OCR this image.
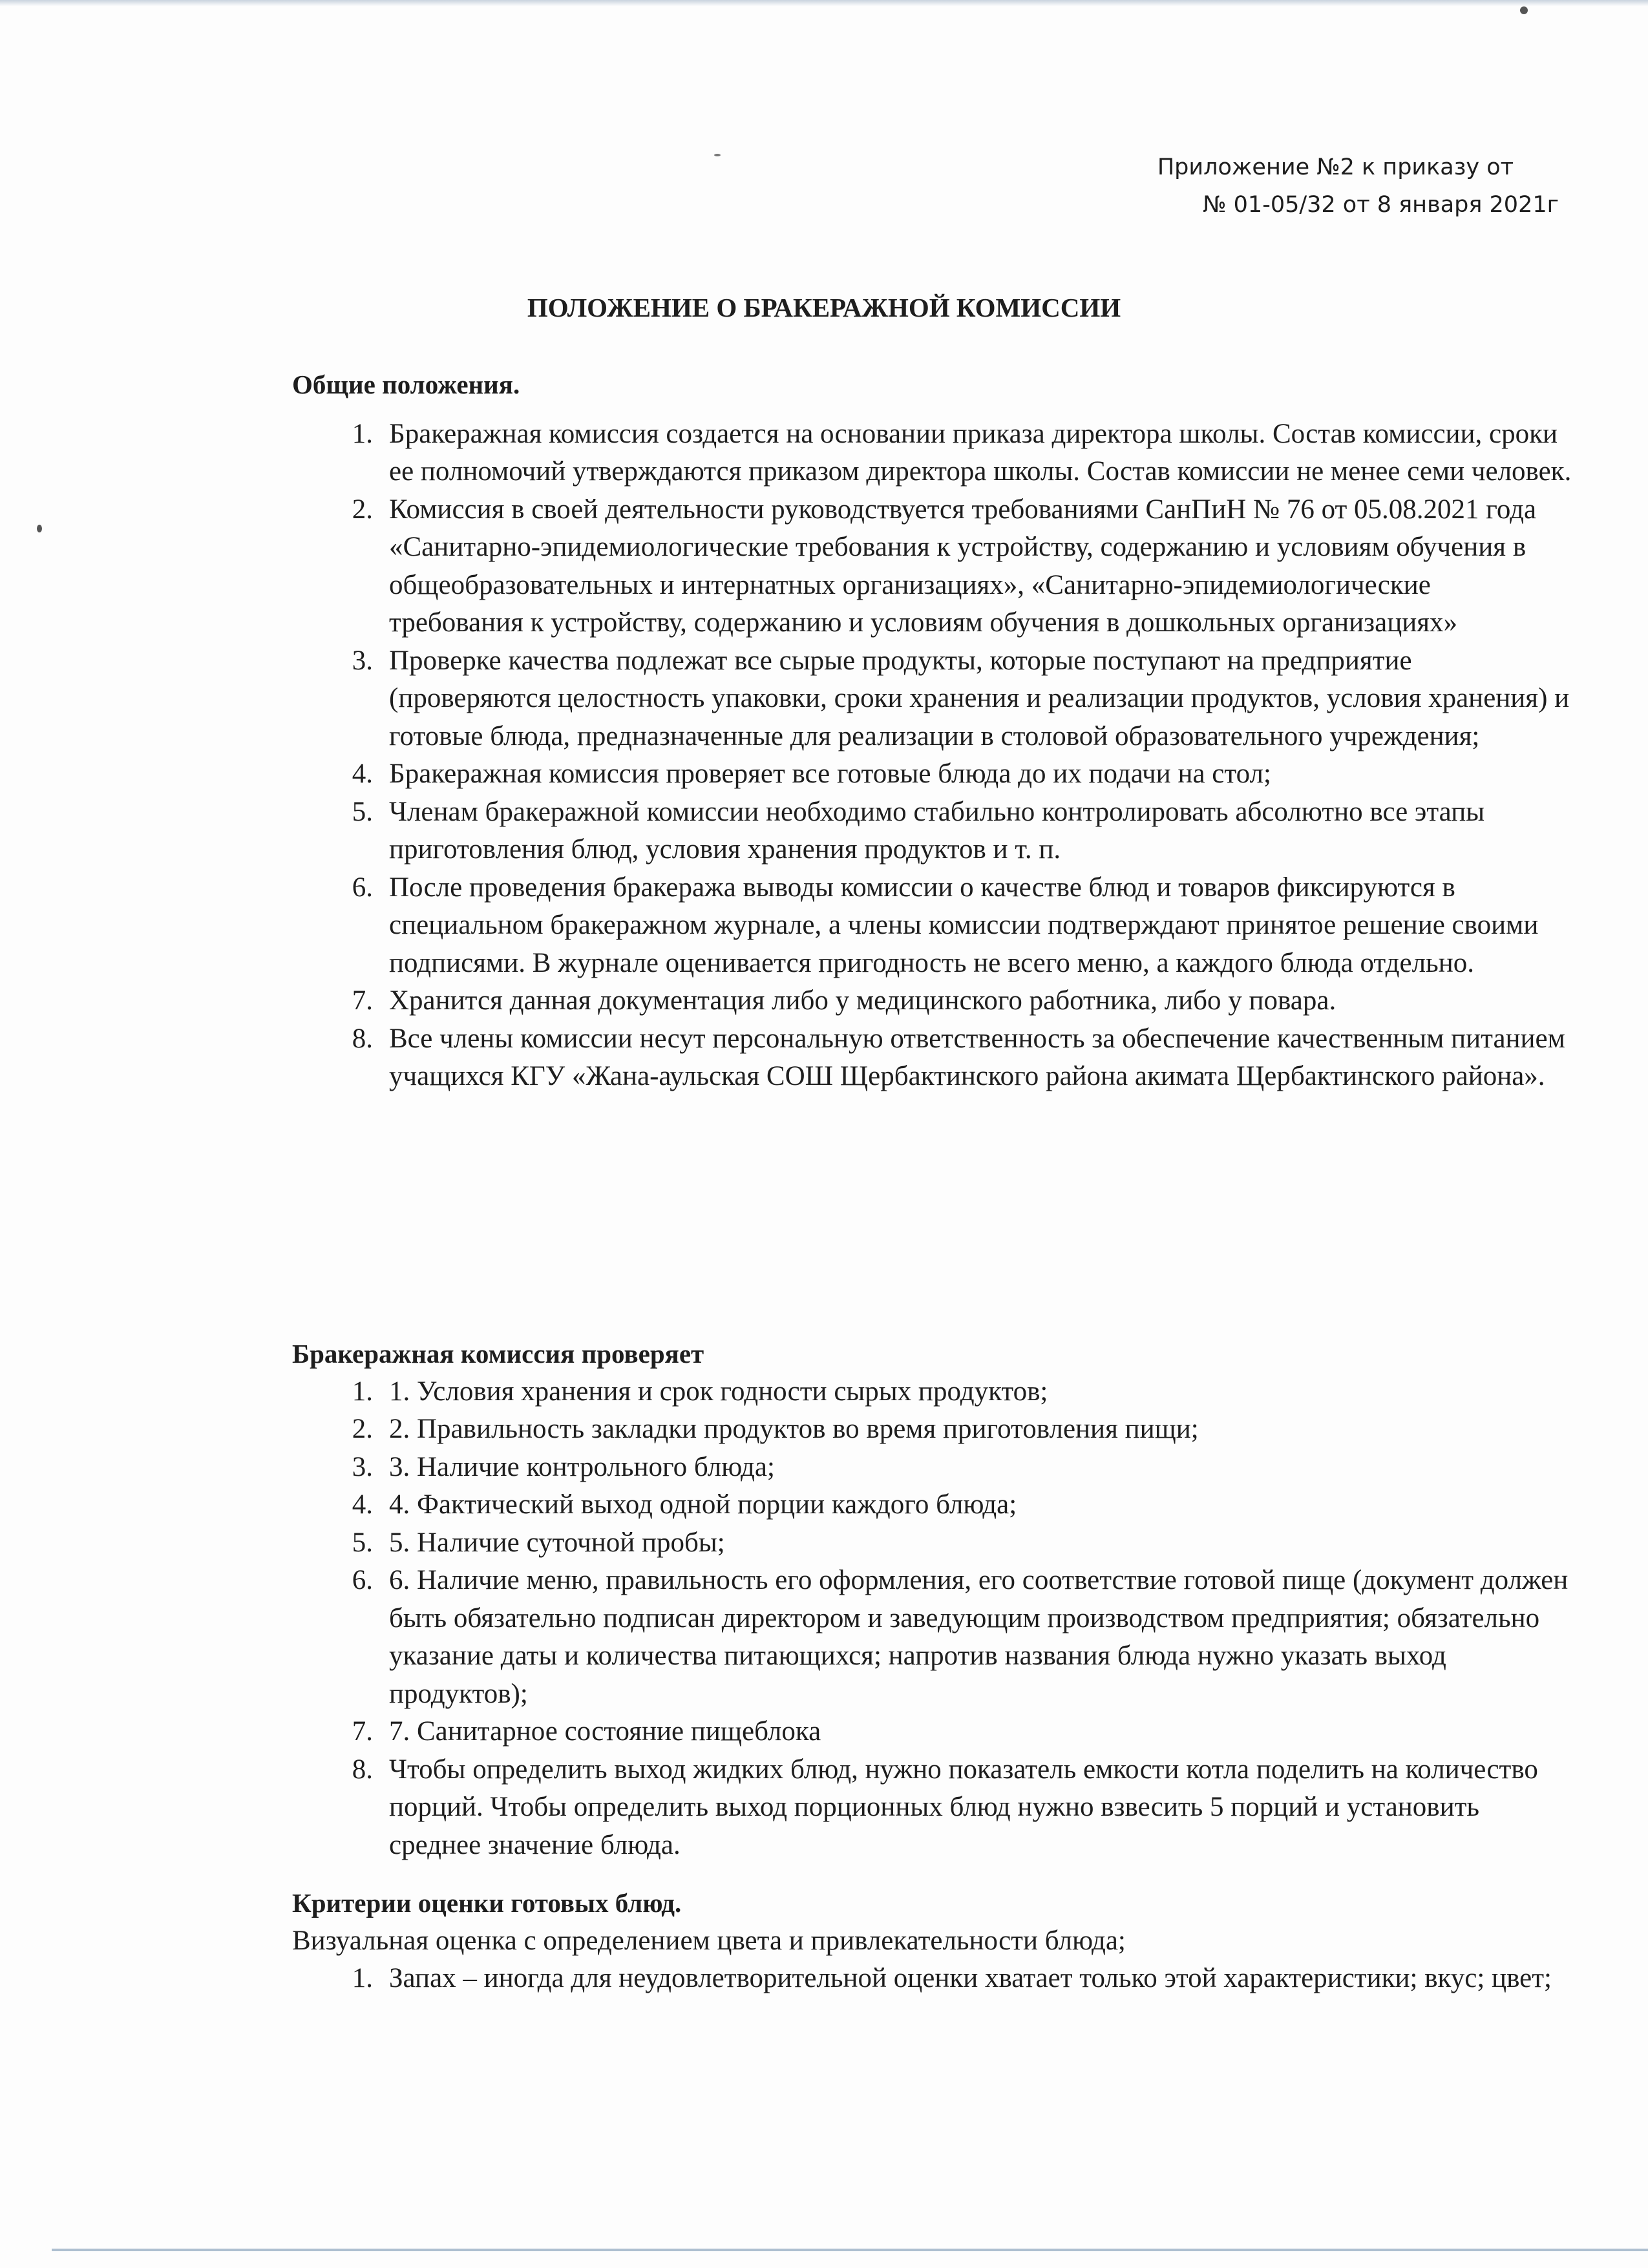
Приложение №2 к приказу от
№ 01-05/32 от 8 января 2021г
ПОЛОЖЕНИЕ О БРАКЕРАЖНОЙ КОМИССИИ
Общие положения.
1. Бракеражная комиссия создается на основании приказа директора школы. Состав комиссии, сроки ее полномочий утверждаются приказом директора школы. Состав комиссии не менее семи человек.
2. Комиссия в своей деятельности руководствуется требованиями СанПиН № 76 от 05.08.2021 года «Санитарно-эпидемиологические требования к устройству, содержанию и условиям обучения в общеобразовательных и интернатных организациях», «Санитарно-эпидемиологические требования к устройству, содержанию и условиям обучения в дошкольных организациях»
3. Проверке качества подлежат все сырые продукты, которые поступают на предприятие (проверяются целостность упаковки, сроки хранения и реализации продуктов, условия хранения) и готовые блюда, предназначенные для реализации в столовой образовательного учреждения;
4. Бракеражная комиссия проверяет все готовые блюда до их подачи на стол;
5. Членам бракеражной комиссии необходимо стабильно контролировать абсолютно все этапы приготовления блюд, условия хранения продуктов и т. п.
6. После проведения бракеража выводы комиссии о качестве блюд и товаров фиксируются в специальном бракеражном журнале, а члены комиссии подтверждают принятое решение своими подписями. В журнале оценивается пригодность не всего меню, а каждого блюда отдельно.
7. Хранится данная документация либо у медицинского работника, либо у повара.
8. Все члены комиссии несут персональную ответственность за обеспечение качественным питанием учащихся КГУ «Жана-аульская СОШ Щербактинского района акимата Щербактинского района».
Бракеражная комиссия проверяет
1. 1. Условия хранения и срок годности сырых продуктов;
2. 2. Правильность закладки продуктов во время приготовления пищи;
3. 3. Наличие контрольного блюда;
4. 4. Фактический выход одной порции каждого блюда;
5. 5. Наличие суточной пробы;
6. 6. Наличие меню, правильность его оформления, его соответствие готовой пище (документ должен быть обязательно подписан директором и заведующим производством предприятия; обязательно указание даты и количества питающихся; напротив названия блюда нужно указать выход продуктов);
7. 7. Санитарное состояние пищеблока
8. Чтобы определить выход жидких блюд, нужно показатель емкости котла поделить на количество порций. Чтобы определить выход порционных блюд нужно взвесить 5 порций и установить среднее значение блюда.
Критерии оценки готовых блюд.
Визуальная оценка с определением цвета и привлекательности блюда;
1. Запах – иногда для неудовлетворительной оценки хватает только этой характеристики; вкус; цвет;
